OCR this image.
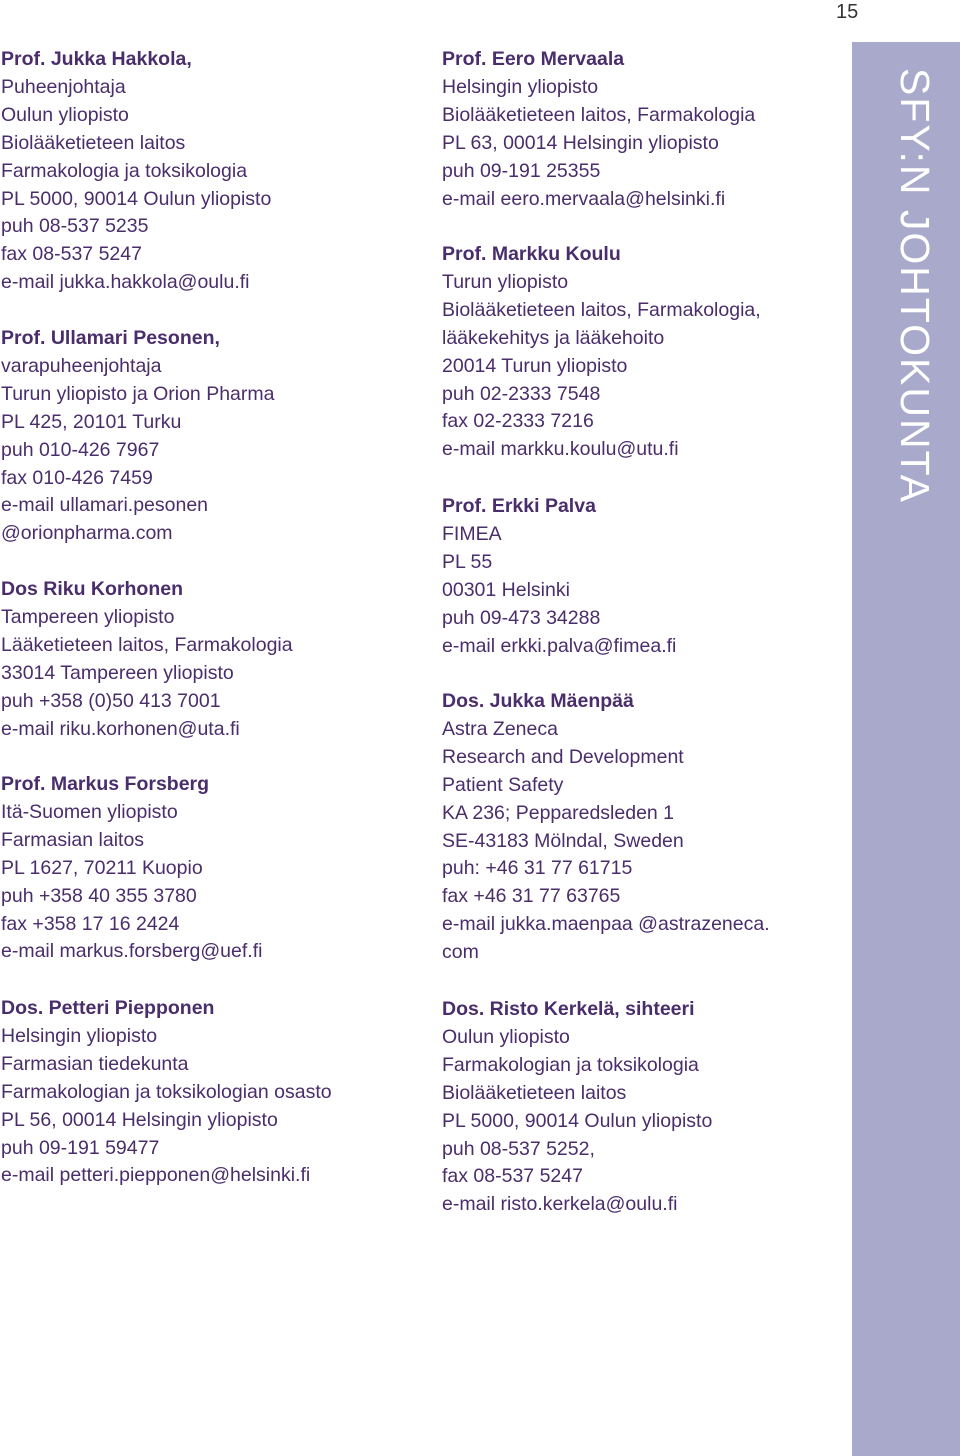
15
SFY:N JOHTOKUNTA
Prof. Jukka Hakkola,
Puheenjohtaja
Oulun yliopisto
Biolääketieteen laitos
Farmakologia ja toksikologia
PL 5000, 90014 Oulun yliopisto
puh 08-537 5235
fax 08-537 5247
e-mail jukka.hakkola@oulu.fi
Prof. Ullamari Pesonen,
varapuheenjohtaja
Turun yliopisto ja Orion Pharma
PL 425, 20101 Turku
puh 010-426 7967
fax 010-426 7459
e-mail ullamari.pesonen
@orionpharma.com
Dos Riku Korhonen
Tampereen yliopisto
Lääketieteen laitos, Farmakologia
33014 Tampereen yliopisto
puh +358 (0)50 413 7001
e-mail riku.korhonen@uta.fi
Prof. Markus Forsberg
Itä-Suomen yliopisto
Farmasian laitos
PL 1627, 70211 Kuopio
puh +358 40 355 3780
fax +358 17 16 2424
e-mail markus.forsberg@uef.fi
Dos. Petteri Piepponen
Helsingin yliopisto
Farmasian tiedekunta
Farmakologian ja toksikologian osasto
PL 56, 00014 Helsingin yliopisto
puh 09-191 59477
e-mail petteri.piepponen@helsinki.fi
Prof. Eero Mervaala
Helsingin yliopisto
Biolääketieteen laitos, Farmakologia
PL 63, 00014 Helsingin yliopisto
puh 09-191 25355
e-mail eero.mervaala@helsinki.fi
Prof. Markku Koulu
Turun yliopisto
Biolääketieteen laitos, Farmakologia,
lääkekehitys ja lääkehoito
20014 Turun yliopisto
puh 02-2333 7548
fax 02-2333 7216
e-mail markku.koulu@utu.fi
Prof. Erkki Palva
FIMEA
PL 55
00301 Helsinki
puh 09-473 34288
e-mail erkki.palva@fimea.fi
Dos. Jukka Mäenpää
Astra Zeneca
Research and Development
Patient Safety
KA 236; Pepparedsleden 1
SE-43183 Mölndal, Sweden
puh: +46 31 77 61715
fax +46 31 77 63765
e-mail jukka.maenpaa @astrazeneca.
com
Dos. Risto Kerkelä, sihteeri
Oulun yliopisto
Farmakologian ja toksikologia
Biolääketieteen laitos
PL 5000, 90014 Oulun yliopisto
puh 08-537 5252,
fax 08-537 5247
e-mail risto.kerkela@oulu.fi
